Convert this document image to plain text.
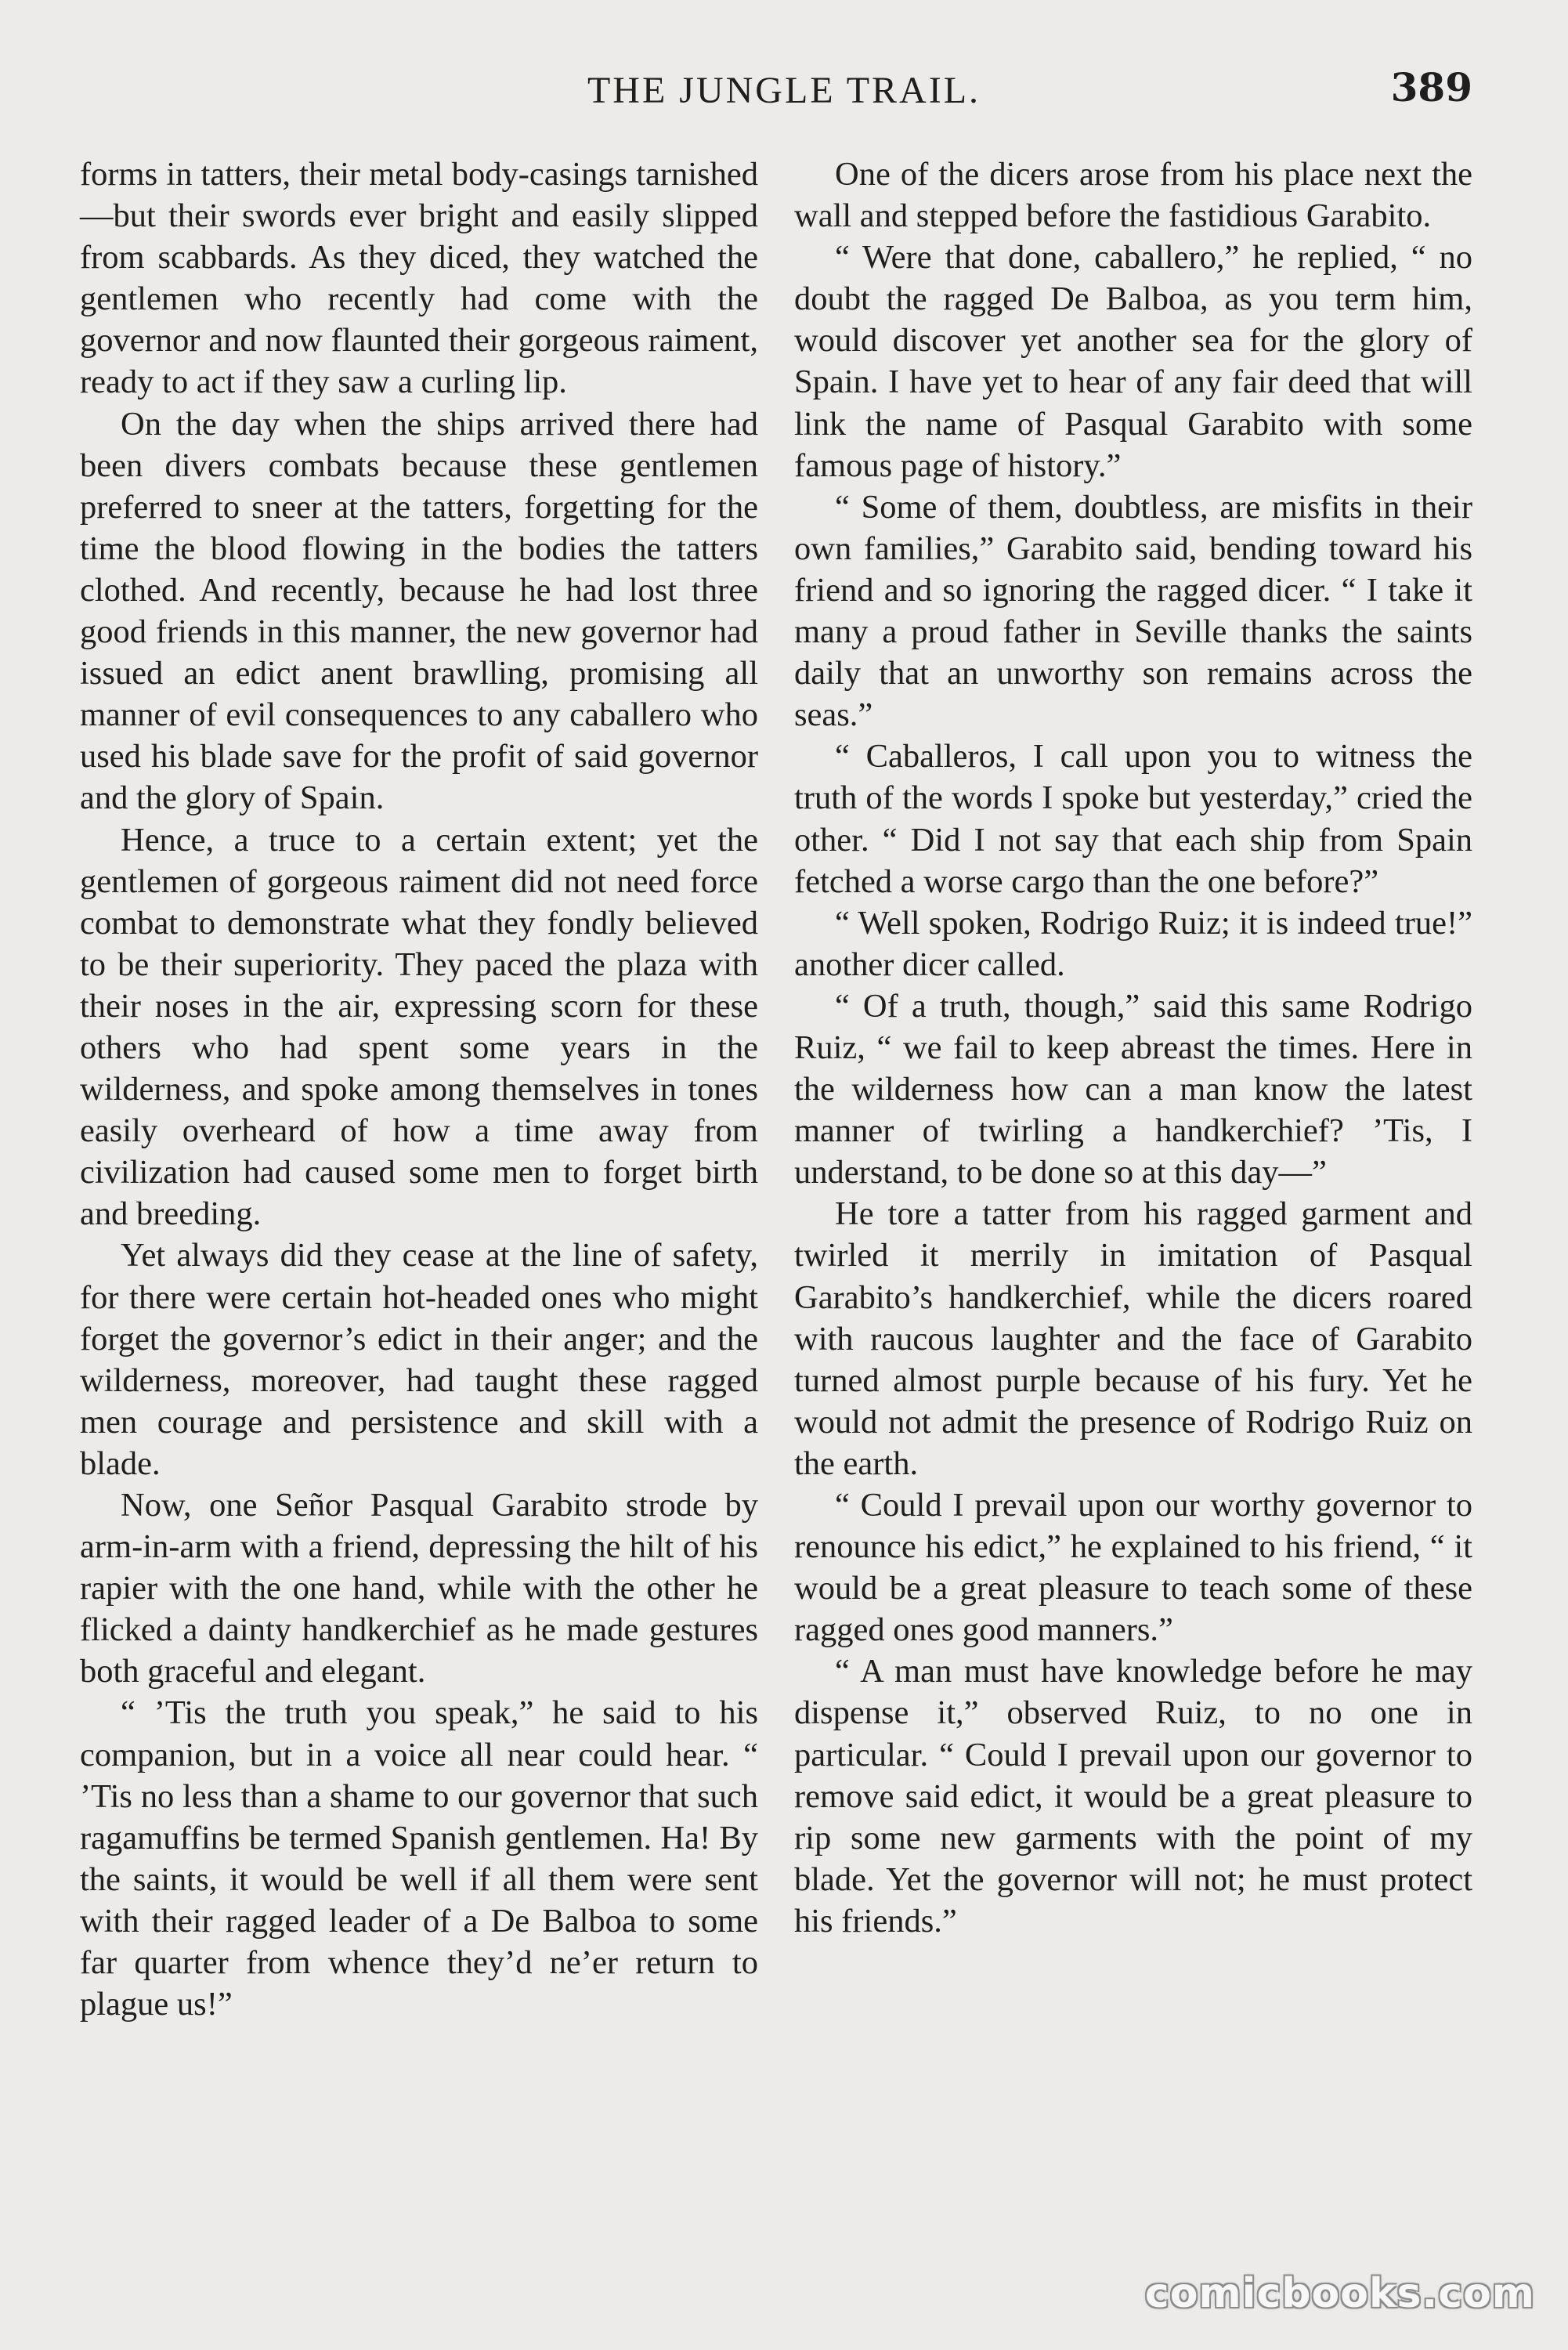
THE JUNGLE TRAIL.	389

forms in tatters, their metal body-casings tarnished—but their swords ever bright and easily slipped from scabbards. As they diced, they watched the gentlemen who recently had come with the governor and now flaunted their gorgeous raiment, ready to act if they saw a curling lip.

On the day when the ships arrived there had been divers combats because these gentlemen preferred to sneer at the tatters, forgetting for the time the blood flowing in the bodies the tatters clothed. And recently, because he had lost three good friends in this manner, the new governor had issued an edict anent brawlling, promising all manner of evil consequences to any caballero who used his blade save for the profit of said governor and the glory of Spain.

Hence, a truce to a certain extent; yet the gentlemen of gorgeous raiment did not need force combat to demonstrate what they fondly believed to be their superiority. They paced the plaza with their noses in the air, expressing scorn for these others who had spent some years in the wilderness, and spoke among themselves in tones easily overheard of how a time away from civilization had caused some men to forget birth and breeding.

Yet always did they cease at the line of safety, for there were certain hot-headed ones who might forget the governor’s edict in their anger; and the wilderness, moreover, had taught these ragged men courage and persistence and skill with a blade.

Now, one Señor Pasqual Garabito strode by arm-in-arm with a friend, depressing the hilt of his rapier with the one hand, while with the other he flicked a dainty handkerchief as he made gestures both graceful and elegant.

“ ’Tis the truth you speak,” he said to his companion, but in a voice all near could hear. “ ’Tis no less than a shame to our governor that such ragamuffins be termed Spanish gentlemen. Ha! By the saints, it would be well if all them were sent with their ragged leader of a De Balboa to some far quarter from whence they’d ne’er return to plague us!”

One of the dicers arose from his place next the wall and stepped before the fastidious Garabito.

“ Were that done, caballero,” he replied, “ no doubt the ragged De Balboa, as you term him, would discover yet another sea for the glory of Spain. I have yet to hear of any fair deed that will link the name of Pasqual Garabito with some famous page of history.”

“ Some of them, doubtless, are misfits in their own families,” Garabito said, bending toward his friend and so ignoring the ragged dicer. “ I take it many a proud father in Seville thanks the saints daily that an unworthy son remains across the seas.”

“ Caballeros, I call upon you to witness the truth of the words I spoke but yesterday,” cried the other. “ Did I not say that each ship from Spain fetched a worse cargo than the one before?”

“ Well spoken, Rodrigo Ruiz; it is indeed true!” another dicer called.

“ Of a truth, though,” said this same Rodrigo Ruiz, “ we fail to keep abreast the times. Here in the wilderness how can a man know the latest manner of twirling a handkerchief? ’Tis, I understand, to be done so at this day—”

He tore a tatter from his ragged garment and twirled it merrily in imitation of Pasqual Garabito’s handkerchief, while the dicers roared with raucous laughter and the face of Garabito turned almost purple because of his fury. Yet he would not admit the presence of Rodrigo Ruiz on the earth.

“ Could I prevail upon our worthy governor to renounce his edict,” he explained to his friend, “ it would be a great pleasure to teach some of these ragged ones good manners.”

“ A man must have knowledge before he may dispense it,” observed Ruiz, to no one in particular. “ Could I prevail upon our governor to remove said edict, it would be a great pleasure to rip some new garments with the point of my blade. Yet the governor will not; he must protect his friends.”

comicbooks.com
